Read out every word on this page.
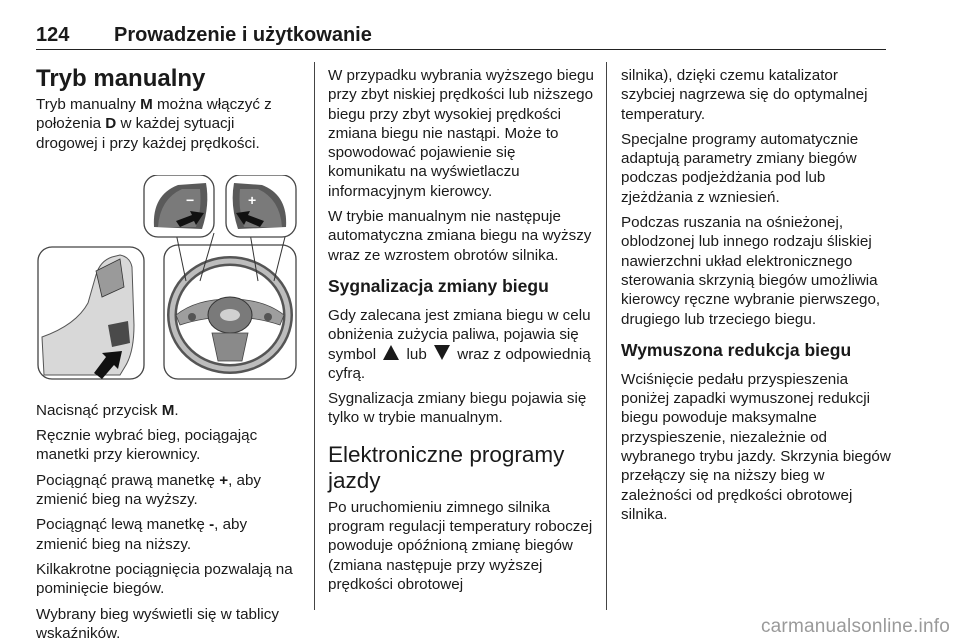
124 Prowadzenie i użytkowanie
Tryb manualny

Tryb manualny M można włączyć z położenia D w każdej sytuacji drogowej i przy każdej prędkości.

−	+

Nacisnąć przycisk M.

Ręcznie wybrać bieg, pociągając manetki przy kierownicy.

Pociągnąć prawą manetkę +, aby zmienić bieg na wyższy.

Pociągnąć lewą manetkę -, aby zmienić bieg na niższy.

Kilkakrotne pociągnięcia pozwalają na pominięcie biegów.

Wybrany bieg wyświetli się w tablicy wskaźników.

W przypadku wybrania wyższego biegu przy zbyt niskiej prędkości lub niższego biegu przy zbyt wysokiej prędkości zmiana biegu nie nastąpi. Może to spowodować pojawienie się komunikatu na wyświetlaczu informacyjnym kierowcy.

W trybie manualnym nie następuje automatyczna zmiana biegu na wyższy wraz ze wzrostem obrotów silnika.

Sygnalizacja zmiany biegu

Gdy zalecana jest zmiana biegu w celu obniżenia zużycia paliwa, pojawia się symbol  lub  wraz z odpowiednią cyfrą.

Sygnalizacja zmiany biegu pojawia się tylko w trybie manualnym.

Elektroniczne programy jazdy

Po uruchomieniu zimnego silnika program regulacji temperatury roboczej powoduje opóźnioną zmianę biegów (zmiana następuje przy wyższej prędkości obrotowej

silnika), dzięki czemu katalizator szybciej nagrzewa się do optymalnej temperatury.

Specjalne programy automatycznie adaptują parametry zmiany biegów podczas podjeżdżania pod lub zjeżdżania z wzniesień.

Podczas ruszania na ośnieżonej, oblodzonej lub innego rodzaju śliskiej nawierzchni układ elektronicznego sterowania skrzynią biegów umożliwia kierowcy ręczne wybranie pierwszego, drugiego lub trzeciego biegu.

Wymuszona redukcja biegu

Wciśnięcie pedału przyspieszenia poniżej zapadki wymuszonej redukcji biegu powoduje maksymalne przyspieszenie, niezależnie od wybranego trybu jazdy. Skrzynia biegów przełączy się na niższy bieg w zależności od prędkości obrotowej silnika.

carmanualsonline.info
